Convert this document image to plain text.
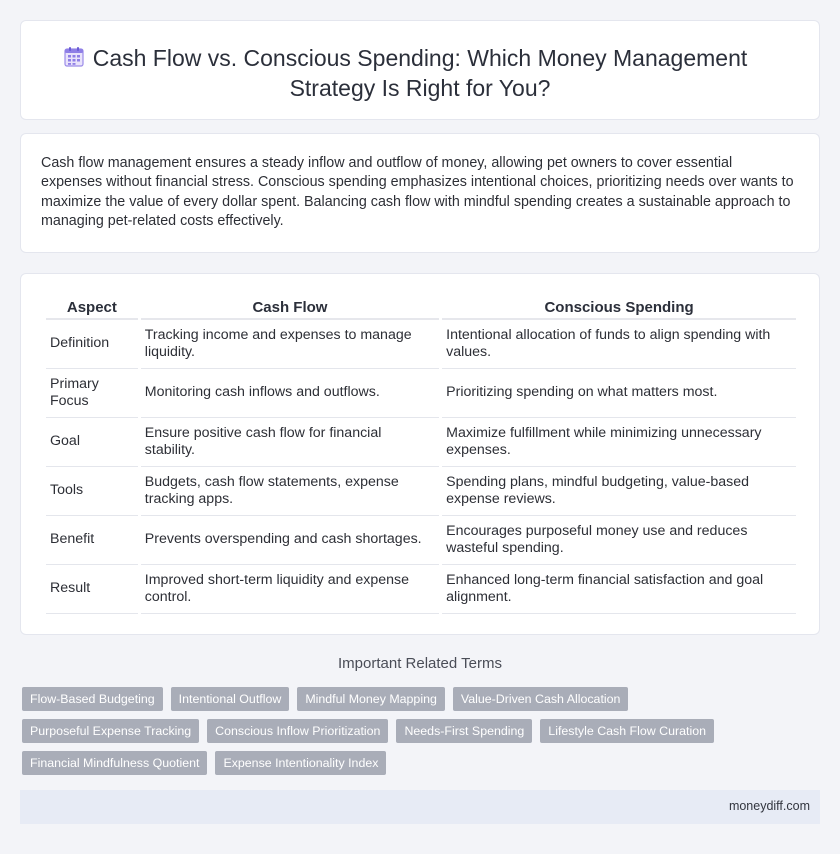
Cash Flow vs. Conscious Spending: Which Money Management Strategy Is Right for You?

Cash flow management ensures a steady inflow and outflow of money, allowing pet owners to cover essential expenses without financial stress. Conscious spending emphasizes intentional choices, prioritizing needs over wants to maximize the value of every dollar spent. Balancing cash flow with mindful spending creates a sustainable approach to managing pet-related costs effectively.

Aspect	Cash Flow	Conscious Spending
Definition	Tracking income and expenses to manage liquidity.	Intentional allocation of funds to align spending with values.
Primary Focus	Monitoring cash inflows and outflows.	Prioritizing spending on what matters most.
Goal	Ensure positive cash flow for financial stability.	Maximize fulfillment while minimizing unnecessary expenses.
Tools	Budgets, cash flow statements, expense tracking apps.	Spending plans, mindful budgeting, value-based expense reviews.
Benefit	Prevents overspending and cash shortages.	Encourages purposeful money use and reduces wasteful spending.
Result	Improved short-term liquidity and expense control.	Enhanced long-term financial satisfaction and goal alignment.
Important Related Terms
Flow-Based Budgeting	Intentional Outflow	Mindful Money Mapping	Value-Driven Cash Allocation
Purposeful Expense Tracking	Conscious Inflow Prioritization	Needs-First Spending	Lifestyle Cash Flow Curation
Financial Mindfulness Quotient	Expense Intentionality Index
moneydiff.com
